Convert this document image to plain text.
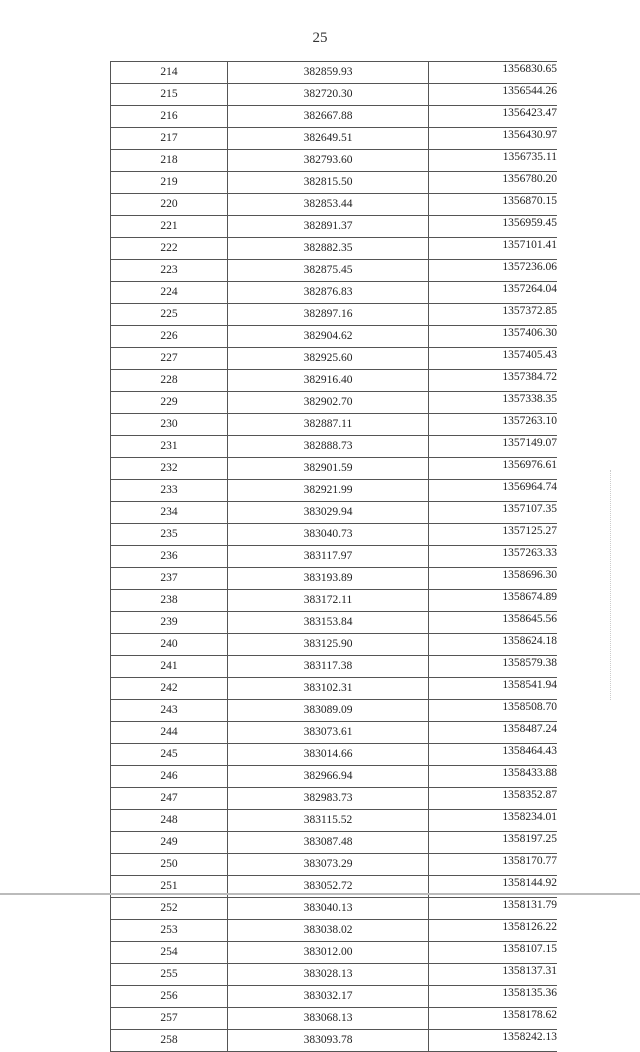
25
214	382859.93	1356830.65
215	382720.30	1356544.26
216	382667.88	1356423.47
217	382649.51	1356430.97
218	382793.60	1356735.11
219	382815.50	1356780.20
220	382853.44	1356870.15
221	382891.37	1356959.45
222	382882.35	1357101.41
223	382875.45	1357236.06
224	382876.83	1357264.04
225	382897.16	1357372.85
226	382904.62	1357406.30
227	382925.60	1357405.43
228	382916.40	1357384.72
229	382902.70	1357338.35
230	382887.11	1357263.10
231	382888.73	1357149.07
232	382901.59	1356976.61
233	382921.99	1356964.74
234	383029.94	1357107.35
235	383040.73	1357125.27
236	383117.97	1357263.33
237	383193.89	1358696.30
238	383172.11	1358674.89
239	383153.84	1358645.56
240	383125.90	1358624.18
241	383117.38	1358579.38
242	383102.31	1358541.94
243	383089.09	1358508.70
244	383073.61	1358487.24
245	383014.66	1358464.43
246	382966.94	1358433.88
247	382983.73	1358352.87
248	383115.52	1358234.01
249	383087.48	1358197.25
250	383073.29	1358170.77
251	383052.72	1358144.92
252	383040.13	1358131.79
253	383038.02	1358126.22
254	383012.00	1358107.15
255	383028.13	1358137.31
256	383032.17	1358135.36
257	383068.13	1358178.62
258	383093.78	1358242.13
